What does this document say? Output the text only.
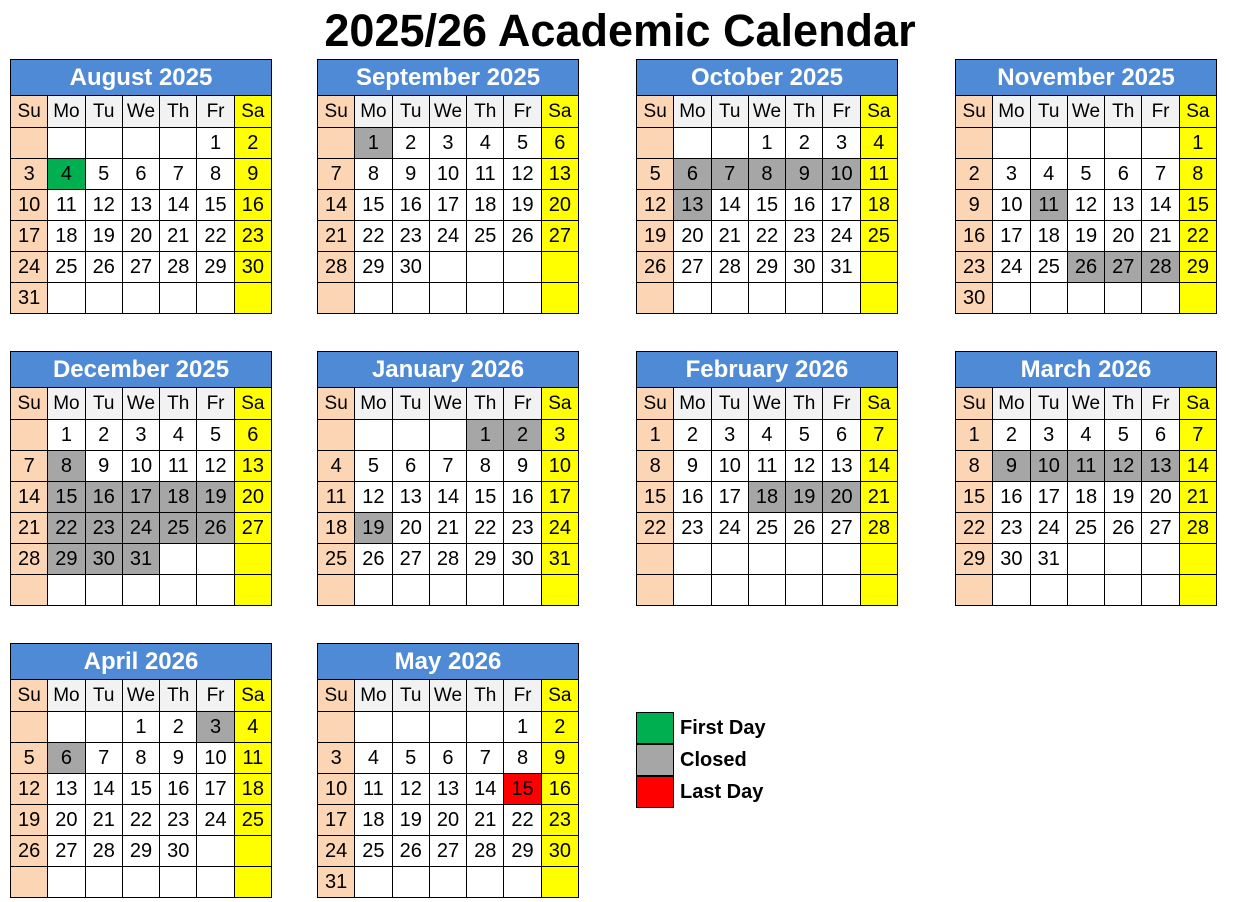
2025/26 Academic Calendar
August 2025
Su	Mo	Tu	We	Th	Fr	Sa
					1	2
3	4	5	6	7	8	9
10	11	12	13	14	15	16
17	18	19	20	21	22	23
24	25	26	27	28	29	30
31						
September 2025
Su	Mo	Tu	We	Th	Fr	Sa
	1	2	3	4	5	6
7	8	9	10	11	12	13
14	15	16	17	18	19	20
21	22	23	24	25	26	27
28	29	30				

October 2025
Su	Mo	Tu	We	Th	Fr	Sa
			1	2	3	4
5	6	7	8	9	10	11
12	13	14	15	16	17	18
19	20	21	22	23	24	25
26	27	28	29	30	31	

November 2025
Su	Mo	Tu	We	Th	Fr	Sa
						1
2	3	4	5	6	7	8
9	10	11	12	13	14	15
16	17	18	19	20	21	22
23	24	25	26	27	28	29
30						
December 2025
Su	Mo	Tu	We	Th	Fr	Sa
	1	2	3	4	5	6
7	8	9	10	11	12	13
14	15	16	17	18	19	20
21	22	23	24	25	26	27
28	29	30	31			

January 2026
Su	Mo	Tu	We	Th	Fr	Sa
				1	2	3
4	5	6	7	8	9	10
11	12	13	14	15	16	17
18	19	20	21	22	23	24
25	26	27	28	29	30	31

February 2026
Su	Mo	Tu	We	Th	Fr	Sa
1	2	3	4	5	6	7
8	9	10	11	12	13	14
15	16	17	18	19	20	21
22	23	24	25	26	27	28

March 2026
Su	Mo	Tu	We	Th	Fr	Sa
1	2	3	4	5	6	7
8	9	10	11	12	13	14
15	16	17	18	19	20	21
22	23	24	25	26	27	28
29	30	31				

April 2026
Su	Mo	Tu	We	Th	Fr	Sa
			1	2	3	4
5	6	7	8	9	10	11
12	13	14	15	16	17	18
19	20	21	22	23	24	25
26	27	28	29	30		

May 2026
Su	Mo	Tu	We	Th	Fr	Sa
					1	2
3	4	5	6	7	8	9
10	11	12	13	14	15	16
17	18	19	20	21	22	23
24	25	26	27	28	29	30
31						
First Day
Closed
Last Day
